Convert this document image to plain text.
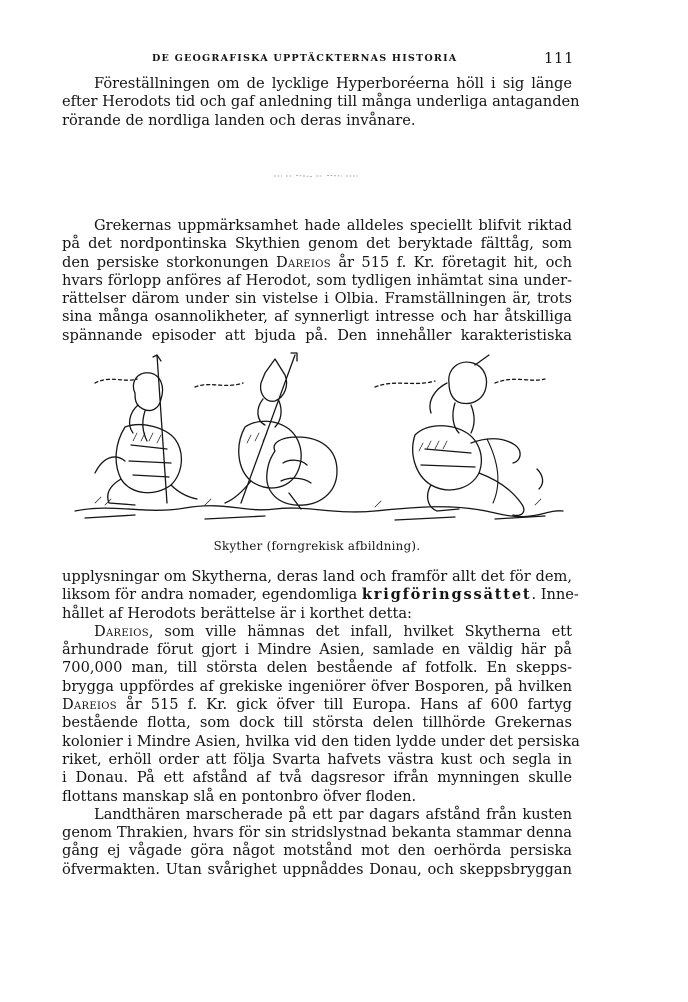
DE GEOGRAFISKA UPPTÄCKTERNAS HISTORIA	111
Föreställningen om de lycklige Hyperboréerna höll i sig länge
efter Herodots tid och gaf anledning till många underliga antaganden
rörande de nordliga landen och deras invånare.
Grekernas uppmärksamhet hade alldeles speciellt blifvit riktad
på det nordpontinska Skythien genom det beryktade fälttåg, som
den persiske storkonungen Dareios år 515 f. Kr. företagit hit, och
hvars förlopp anföres af Herodot, som tydligen inhämtat sina under-
rättelser därom under sin vistelse i Olbia. Framställningen är, trots
sina många osannolikheter, af synnerligt intresse och har åtskilliga
spännande episoder att bjuda på. Den innehåller karakteristiska
Skyther (forngrekisk afbildning).
upplysningar om Skytherna, deras land och framför allt det för dem,
liksom för andra nomader, egendomliga krigföringssättet. Inne-
hållet af Herodots berättelse är i korthet detta:
Dareios, som ville hämnas det infall, hvilket Skytherna ett
århundrade förut gjort i Mindre Asien, samlade en väldig här på
700,000 man, till största delen bestående af fotfolk. En skepps-
brygga uppfördes af grekiske ingeniörer öfver Bosporen, på hvilken
Dareios år 515 f. Kr. gick öfver till Europa. Hans af 600 fartyg
bestående flotta, som dock till största delen tillhörde Grekernas
kolonier i Mindre Asien, hvilka vid den tiden lydde under det persiska
riket, erhöll order att följa Svarta hafvets västra kust och segla in
i Donau. På ett afstånd af två dagsresor ifrån mynningen skulle
flottans manskap slå en pontonbro öfver floden.
Landthären marscherade på ett par dagars afstånd från kusten
genom Thrakien, hvars för sin stridslystnad bekanta stammar denna
gång ej vågade göra något motstånd mot den oerhörda persiska
öfvermakten. Utan svårighet uppnåddes Donau, och skeppsbryggan
